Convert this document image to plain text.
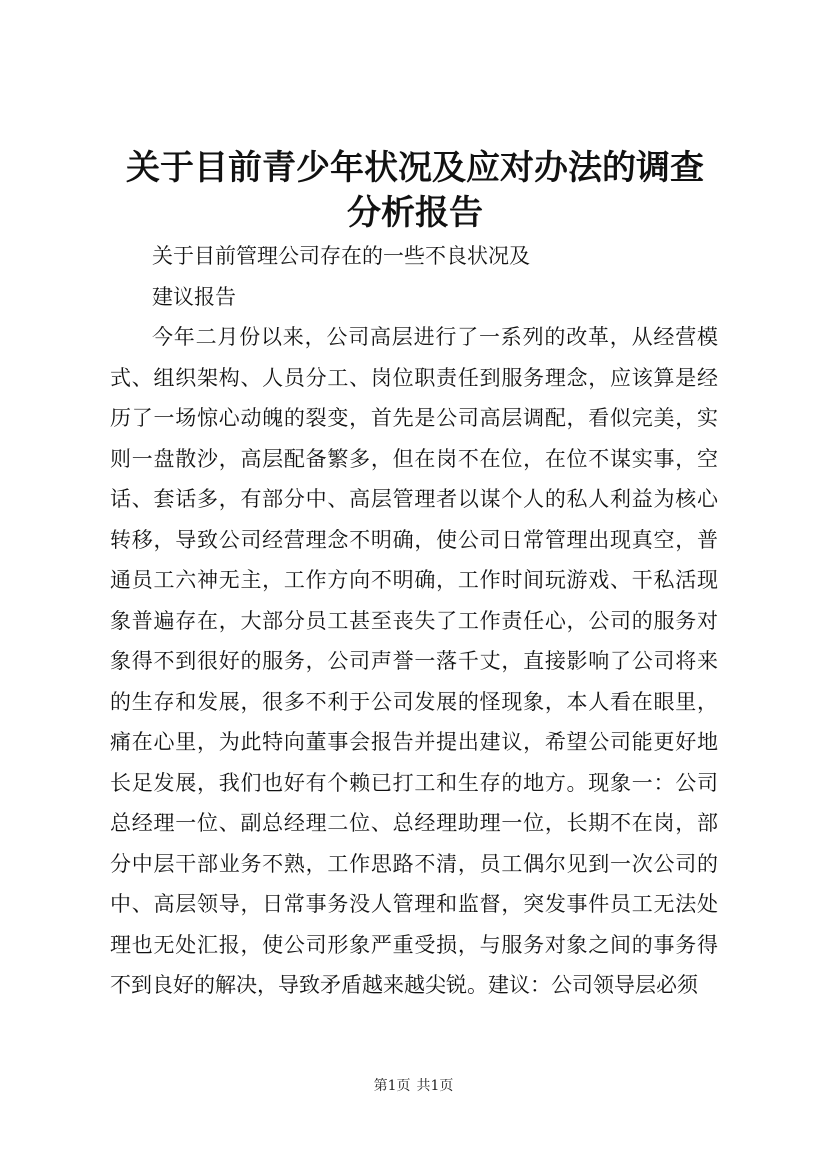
关于目前青少年状况及应对办法的调查分析报告

关于目前管理公司存在的一些不良状况及

建议报告

今年二月份以来，公司高层进行了一系列的改革，从经营模式、组织架构、人员分工、岗位职责任到服务理念，应该算是经历了一场惊心动魄的裂变，首先是公司高层调配，看似完美，实则一盘散沙，高层配备繁多，但在岗不在位，在位不谋实事，空话、套话多，有部分中、高层管理者以谋个人的私人利益为核心转移，导致公司经营理念不明确，使公司日常管理出现真空，普通员工六神无主，工作方向不明确，工作时间玩游戏、干私活现象普遍存在，大部分员工甚至丧失了工作责任心，公司的服务对象得不到很好的服务，公司声誉一落千丈，直接影响了公司将来的生存和发展，很多不利于公司发展的怪现象，本人看在眼里，痛在心里，为此特向董事会报告并提出建议，希望公司能更好地长足发展，我们也好有个赖已打工和生存的地方。现象一：公司总经理一位、副总经理二位、总经理助理一位，长期不在岗，部分中层干部业务不熟，工作思路不清，员工偶尔见到一次公司的中、高层领导，日常事务没人管理和监督，突发事件员工无法处理也无处汇报，使公司形象严重受损，与服务对象之间的事务得不到良好的解决，导致矛盾越来越尖锐。建议：公司领导层必须

第1页 共1页
